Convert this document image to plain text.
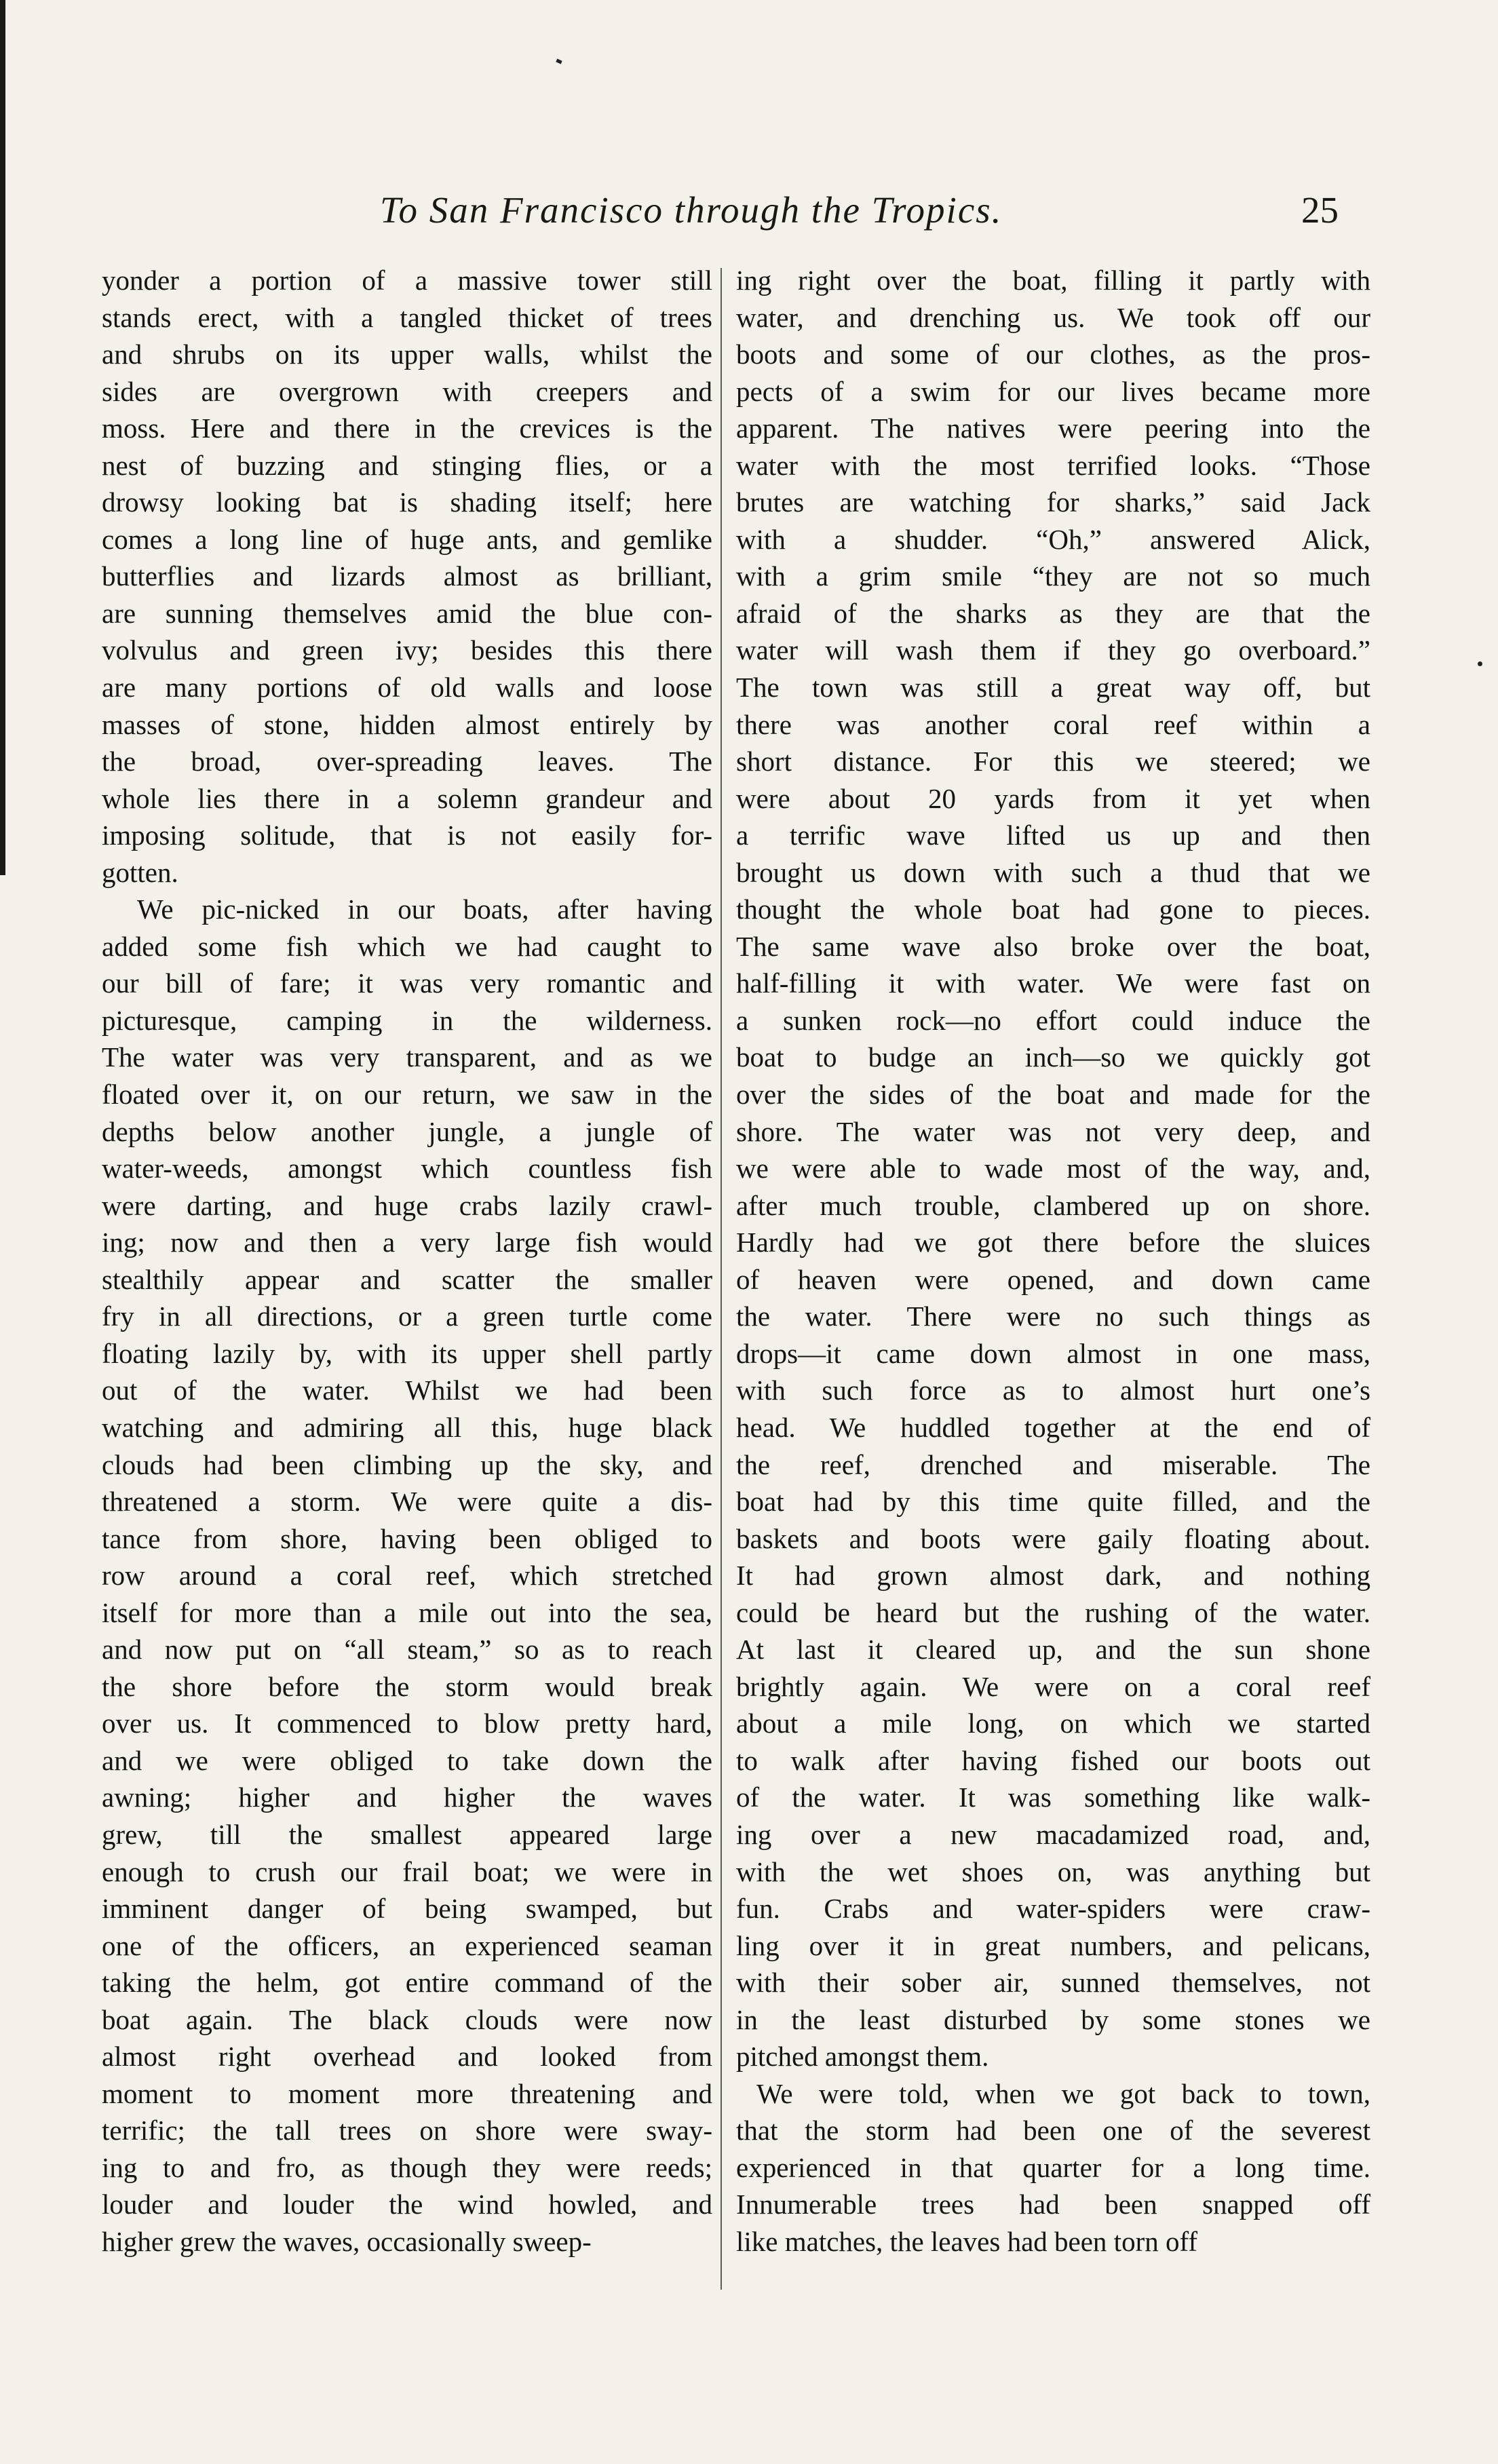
To San Francisco through the Tropics.	25
yonder a portion of a massive tower still
stands erect, with a tangled thicket of trees
and shrubs on its upper walls, whilst the
sides are overgrown with creepers and
moss. Here and there in the crevices is the
nest of buzzing and stinging flies, or a
drowsy looking bat is shading itself; here
comes a long line of huge ants, and gemlike
butterflies and lizards almost as brilliant,
are sunning themselves amid the blue con-
volvulus and green ivy; besides this there
are many portions of old walls and loose
masses of stone, hidden almost entirely by
the broad, over-spreading leaves. The
whole lies there in a solemn grandeur and
imposing solitude, that is not easily for-
gotten.
We pic-nicked in our boats, after having
added some fish which we had caught to
our bill of fare; it was very romantic and
picturesque, camping in the wilderness.
The water was very transparent, and as we
floated over it, on our return, we saw in the
depths below another jungle, a jungle of
water-weeds, amongst which countless fish
were darting, and huge crabs lazily crawl-
ing; now and then a very large fish would
stealthily appear and scatter the smaller
fry in all directions, or a green turtle come
floating lazily by, with its upper shell partly
out of the water. Whilst we had been
watching and admiring all this, huge black
clouds had been climbing up the sky, and
threatened a storm. We were quite a dis-
tance from shore, having been obliged to
row around a coral reef, which stretched
itself for more than a mile out into the sea,
and now put on “all steam,” so as to reach
the shore before the storm would break
over us. It commenced to blow pretty hard,
and we were obliged to take down the
awning; higher and higher the waves
grew, till the smallest appeared large
enough to crush our frail boat; we were in
imminent danger of being swamped, but
one of the officers, an experienced seaman
taking the helm, got entire command of the
boat again. The black clouds were now
almost right overhead and looked from
moment to moment more threatening and
terrific; the tall trees on shore were sway-
ing to and fro, as though they were reeds;
louder and louder the wind howled, and
higher grew the waves, occasionally sweep-
ing right over the boat, filling it partly with
water, and drenching us. We took off our
boots and some of our clothes, as the pros-
pects of a swim for our lives became more
apparent. The natives were peering into the
water with the most terrified looks. “Those
brutes are watching for sharks,” said Jack
with a shudder. “Oh,” answered Alick,
with a grim smile “they are not so much
afraid of the sharks as they are that the
water will wash them if they go overboard.”
The town was still a great way off, but
there was another coral reef within a
short distance. For this we steered; we
were about 20 yards from it yet when
a terrific wave lifted us up and then
brought us down with such a thud that we
thought the whole boat had gone to pieces.
The same wave also broke over the boat,
half-filling it with water. We were fast on
a sunken rock—no effort could induce the
boat to budge an inch—so we quickly got
over the sides of the boat and made for the
shore. The water was not very deep, and
we were able to wade most of the way, and,
after much trouble, clambered up on shore.
Hardly had we got there before the sluices
of heaven were opened, and down came
the water. There were no such things as
drops—it came down almost in one mass,
with such force as to almost hurt one’s
head. We huddled together at the end of
the reef, drenched and miserable. The
boat had by this time quite filled, and the
baskets and boots were gaily floating about.
It had grown almost dark, and nothing
could be heard but the rushing of the water.
At last it cleared up, and the sun shone
brightly again. We were on a coral reef
about a mile long, on which we started
to walk after having fished our boots out
of the water. It was something like walk-
ing over a new macadamized road, and,
with the wet shoes on, was anything but
fun. Crabs and water-spiders were craw-
ling over it in great numbers, and pelicans,
with their sober air, sunned themselves, not
in the least disturbed by some stones we
pitched amongst them.
We were told, when we got back to town,
that the storm had been one of the severest
experienced in that quarter for a long time.
Innumerable trees had been snapped off
like matches, the leaves had been torn off
